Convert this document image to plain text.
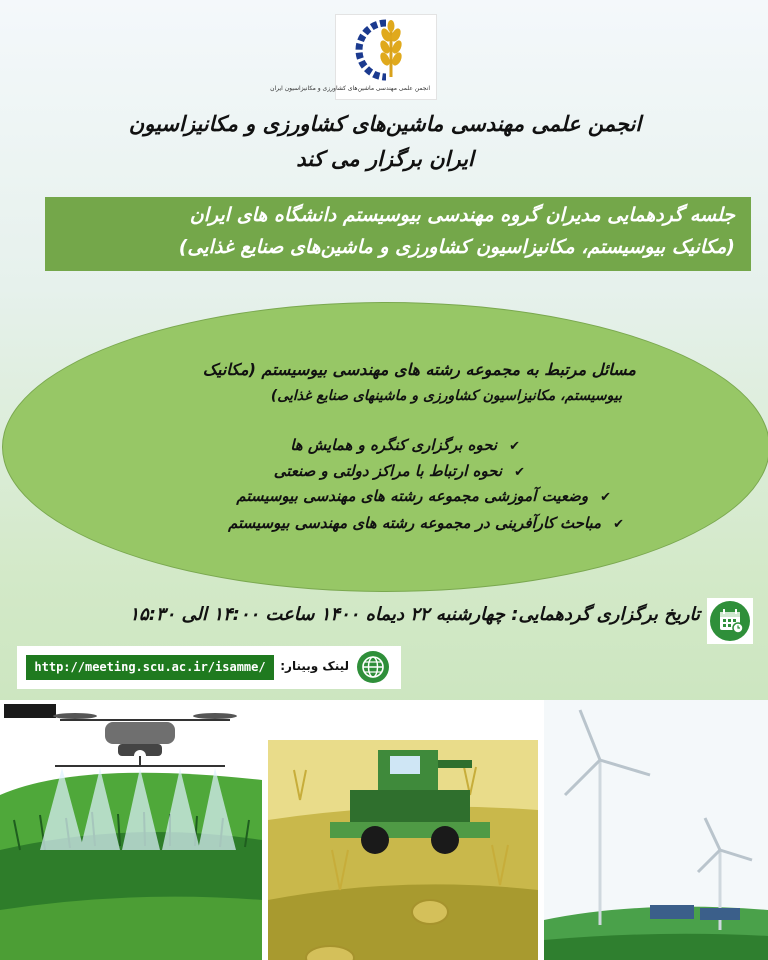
انجمن علمی مهندسی ماشین‌های کشاورزی و مکانیزاسیون ایران
انجمن علمی مهندسی ماشین‌های کشاورزی و مکانیزاسیون
ایران برگزار می کند
جلسه گردهمایی مدیران گروه مهندسی بیوسیستم دانشگاه های ایران
(مکانیک بیوسیستم، مکانیزاسیون کشاورزی و ماشین‌های صنایع غذایی)
مسائل مرتبط به مجموعه رشته های مهندسی بیوسیستم (مکانیک
بیوسیستم، مکانیزاسیون کشاورزی و ماشینهای صنایع غذایی)
✔نحوه برگزاری کنگره و همایش ها
✔نحوه ارتباط با مراکز دولتی و صنعتی
✔وضعیت آموزشی مجموعه رشته های مهندسی بیوسیستم
✔مباحث کارآفرینی در مجموعه رشته های مهندسی بیوسیستم
تاریخ برگزاری گردهمایی: چهارشنبه ۲۲ دیماه ۱۴۰۰ ساعت ۱۴:۰۰ الی ۱۵:۳۰
لینک وبینار:
http://meeting.scu.ac.ir/isamme/
